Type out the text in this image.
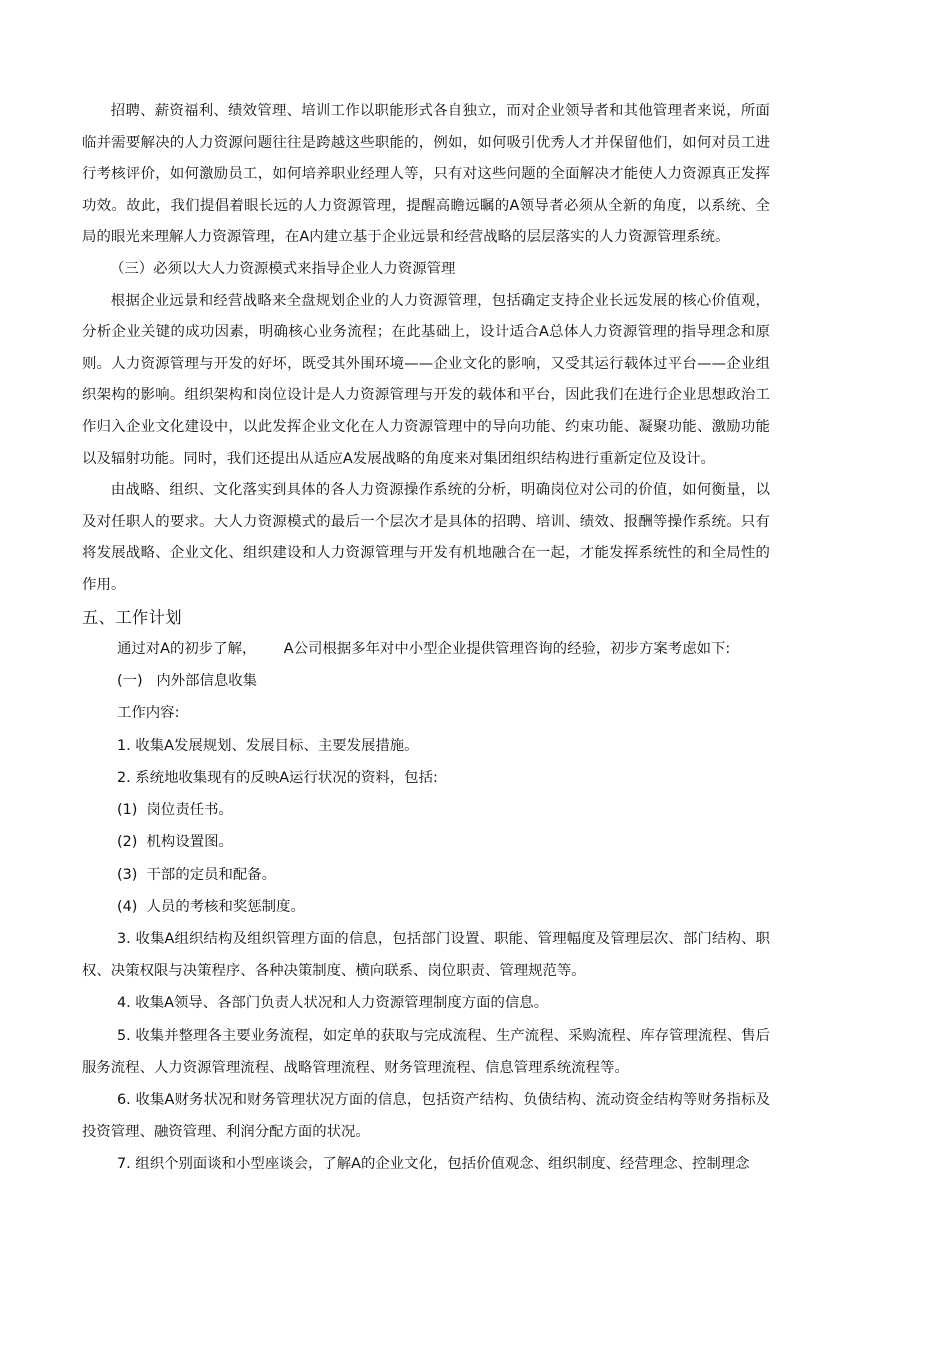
招聘、薪资福利、绩效管理、培训工作以职能形式各自独立，而对企业领导者和其他管理者来说，所面临并需要解决的人力资源问题往往是跨越这些职能的，例如，如何吸引优秀人才并保留他们，如何对员工进行考核评价，如何激励员工，如何培养职业经理人等，只有对这些问题的全面解决才能使人力资源真正发挥功效。故此，我们提倡着眼长远的人力资源管理，提醒高瞻远瞩的A领导者必须从全新的角度，以系统、全局的眼光来理解人力资源管理，在A内建立基于企业远景和经营战略的层层落实的人力资源管理系统。

（三）必须以大人力资源模式来指导企业人力资源管理

根据企业远景和经营战略来全盘规划企业的人力资源管理，包括确定支持企业长远发展的核心价值观，分析企业关键的成功因素，明确核心业务流程；在此基础上，设计适合A总体人力资源管理的指导理念和原则。人力资源管理与开发的好坏，既受其外围环境——企业文化的影响，又受其运行载体过平台——企业组织架构的影响。组织架构和岗位设计是人力资源管理与开发的载体和平台，因此我们在进行企业思想政治工作归入企业文化建设中，以此发挥企业文化在人力资源管理中的导向功能、约束功能、凝聚功能、激励功能以及辐射功能。同时，我们还提出从适应A发展战略的角度来对集团组织结构进行重新定位及设计。

由战略、组织、文化落实到具体的各人力资源操作系统的分析，明确岗位对公司的价值，如何衡量，以及对任职人的要求。大人力资源模式的最后一个层次才是具体的招聘、培训、绩效、报酬等操作系统。只有将发展战略、企业文化、组织建设和人力资源管理与开发有机地融合在一起，才能发挥系统性的和全局性的作用。

五、工作计划

通过对A的初步了解，      A公司根据多年对中小型企业提供管理咨询的经验，初步方案考虑如下:

(一)   内外部信息收集

工作内容:

1. 收集A发展规划、发展目标、主要发展措施。

2. 系统地收集现有的反映A运行状况的资料，包括:

(1)  岗位责任书。

(2)  机构设置图。

(3)  干部的定员和配备。

(4)  人员的考核和奖惩制度。

3. 收集A组织结构及组织管理方面的信息，包括部门设置、职能、管理幅度及管理层次、部门结构、职权、决策权限与决策程序、各种决策制度、横向联系、岗位职责、管理规范等。

4. 收集A领导、各部门负责人状况和人力资源管理制度方面的信息。

5. 收集并整理各主要业务流程，如定单的获取与完成流程、生产流程、采购流程、库存管理流程、售后服务流程、人力资源管理流程、战略管理流程、财务管理流程、信息管理系统流程等。

6. 收集A财务状况和财务管理状况方面的信息，包括资产结构、负债结构、流动资金结构等财务指标及投资管理、融资管理、利润分配方面的状况。

7. 组织个别面谈和小型座谈会，了解A的企业文化，包括价值观念、组织制度、经营理念、控制理念
